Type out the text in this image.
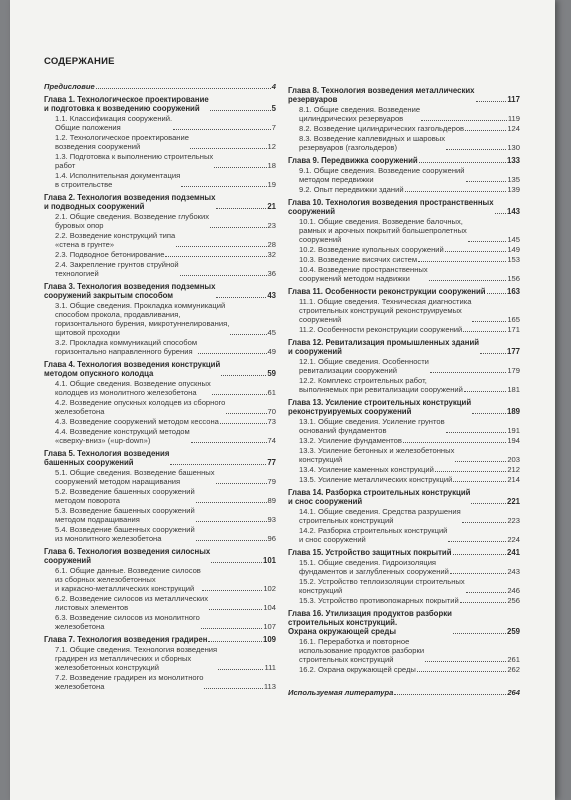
СОДЕРЖАНИЕ
Предисловие	4
Глава 1. Технологическое проектирование
и подготовка к возведению сооружений	5
1.1. Классификация сооружений.
Общие положения	7
1.2. Технологическое проектирование
возведения сооружений	12
1.3. Подготовка к выполнению строительных
работ	18
1.4. Исполнительная документация
в строительстве	19
Глава 2. Технология возведения подземных
и подводных сооружений	21
2.1. Общие сведения. Возведение глубоких
буровых опор	23
2.2. Возведение конструкций типа
«стена в грунте»	28
2.3. Подводное бетонирование	32
2.4. Закрепление грунтов струйной
технологией	36
Глава 3. Технология возведения подземных
сооружений закрытым способом	43
3.1. Общие сведения. Прокладка коммуникаций
способом прокола, продавливания,
горизонтального бурения, микротуннелирования,
щитовой проходки	45
3.2. Прокладка коммуникаций способом
горизонтально направленного бурения	49
Глава 4. Технология возведения конструкций
методом опускного колодца	59
4.1. Общие сведения. Возведение опускных
колодцев из монолитного железобетона	61
4.2. Возведение опускных колодцев из сборного
железобетона	70
4.3. Возведение сооружений методом кессона	73
4.4. Возведение конструкций методом
«сверху-вниз» («up-down»)	74
Глава 5. Технология возведения
башенных сооружений	77
5.1. Общие сведения. Возведение башенных
сооружений методом наращивания	79
5.2. Возведение башенных сооружений
методом поворота	89
5.3. Возведение башенных сооружений
методом подращивания	93
5.4. Возведение башенных сооружений
из монолитного железобетона	96
Глава 6. Технология возведения силосных
сооружений	101
6.1. Общие данные. Возведение силосов
из сборных железобетонных
и каркасно-металлических конструкций	102
6.2. Возведение силосов из металлических
листовых элементов	104
6.3. Возведение силосов из монолитного
железобетона	107
Глава 7. Технология возведения градирен	109
7.1. Общие сведения. Технология возведения
градирен из металлических и сборных
железобетонных конструкций	111
7.2. Возведение градирен из монолитного
железобетона	113
Глава 8. Технология возведения металлических
резервуаров	117
8.1. Общие сведения. Возведение
цилиндрических резервуаров	119
8.2. Возведение цилиндрических газгольдеров	124
8.3. Возведение каплевидных и шаровых
резервуаров (газгольдеров)	130
Глава 9. Передвижка сооружений	133
9.1. Общие сведения. Возведение сооружений
методом передвижки	135
9.2. Опыт передвижки зданий	139
Глава 10. Технология возведения пространственных
сооружений	143
10.1. Общие сведения. Возведение балочных,
рамных и арочных покрытий большепролетных
сооружений	145
10.2. Возведение купольных сооружений	149
10.3. Возведение висячих систем	153
10.4. Возведение пространственных
сооружений методом надвижки	156
Глава 11. Особенности реконструкции сооружений	163
11.1. Общие сведения. Техническая диагностика
строительных конструкций реконструируемых
сооружений	165
11.2. Особенности реконструкции сооружений	171
Глава 12. Ревитализация промышленных зданий
и сооружений	177
12.1. Общие сведения. Особенности
ревитализации сооружений	179
12.2. Комплекс строительных работ,
выполняемых при ревитализации сооружений	181
Глава 13. Усиление строительных конструкций
реконструируемых сооружений	189
13.1. Общие сведения. Усиление грунтов
оснований фундаментов	191
13.2. Усиление фундаментов	194
13.3. Усиление бетонных и железобетонных
конструкций	203
13.4. Усиление каменных конструкций	212
13.5. Усиление металлических конструкций	214
Глава 14. Разборка строительных конструкций
и снос сооружений	221
14.1. Общие сведения. Средства разрушения
строительных конструкций	223
14.2. Разборка строительных конструкций
и снос сооружений	224
Глава 15. Устройство защитных покрытий	241
15.1. Общие сведения. Гидроизоляция
фундаментов и заглубленных сооружений	243
15.2. Устройство теплоизоляции строительных
конструкций	246
15.3. Устройство противопожарных покрытий	256
Глава 16. Утилизация продуктов разборки
строительных конструкций.
Охрана окружающей среды	259
16.1. Переработка и повторное
использование продуктов разборки
строительных конструкций	261
16.2. Охрана окружающей среды	262
Используемая литература	264
